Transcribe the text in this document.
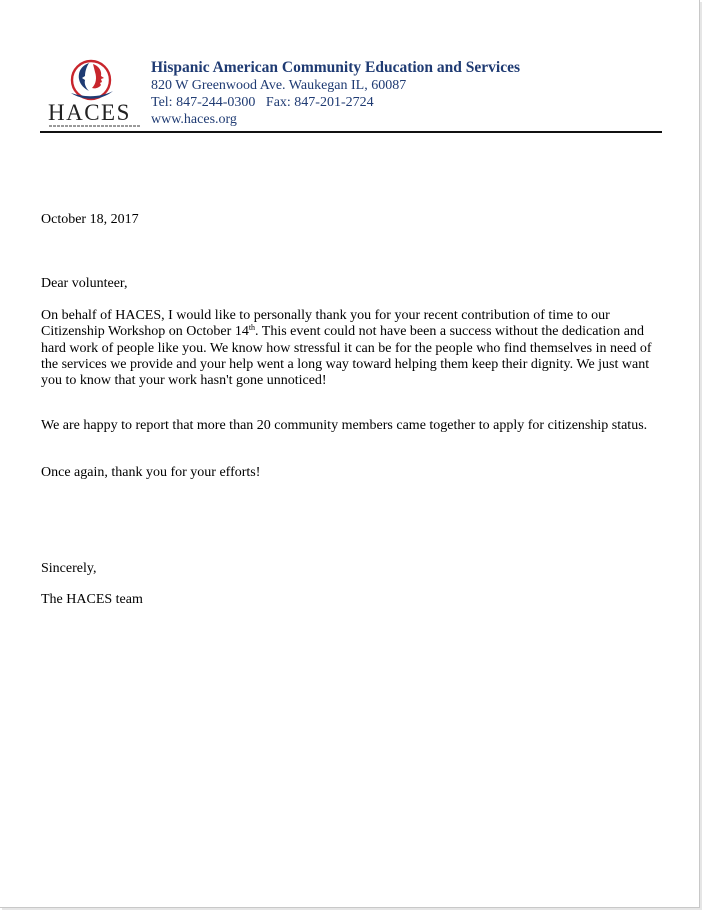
HACES
Hispanic American Community Education and Services
820 W Greenwood Ave. Waukegan IL, 60087
Tel: 847-244-0300 Fax: 847-201-2724
www.haces.org
October 18, 2017
Dear volunteer,
On behalf of HACES, I would like to personally thank you for your recent contribution of time to our
Citizenship Workshop on October 14th. This event could not have been a success without the dedication and
hard work of people like you. We know how stressful it can be for the people who find themselves in need of
the services we provide and your help went a long way toward helping them keep their dignity. We just want
you to know that your work hasn't gone unnoticed!
We are happy to report that more than 20 community members came together to apply for citizenship status.
Once again, thank you for your efforts!
Sincerely,
The HACES team
